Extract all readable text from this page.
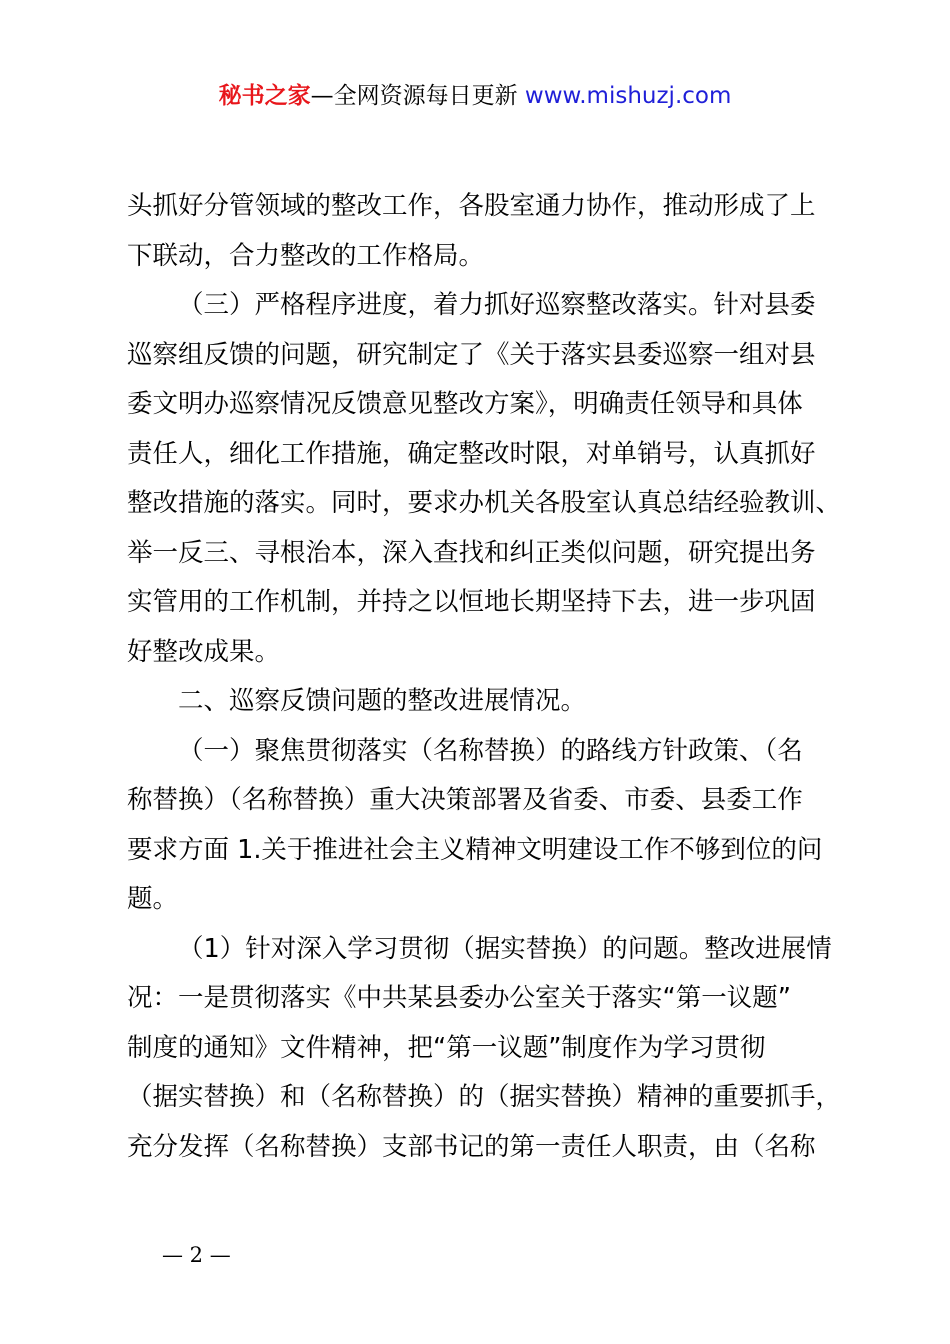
秘书之家—全网资源每日更新 www.mishuzj.com
头抓好分管领域的整改工作，各股室通力协作，推动形成了上
下联动，合力整改的工作格局。
（三）严格程序进度，着力抓好巡察整改落实。针对县委
巡察组反馈的问题，研究制定了《关于落实县委巡察一组对县
委文明办巡察情况反馈意见整改方案》，明确责任领导和具体
责任人，细化工作措施，确定整改时限，对单销号，认真抓好
整改措施的落实。同时，要求办机关各股室认真总结经验教训、
举一反三、寻根治本，深入查找和纠正类似问题，研究提出务
实管用的工作机制，并持之以恒地长期坚持下去，进一步巩固
好整改成果。
二、巡察反馈问题的整改进展情况。
（一）聚焦贯彻落实（名称替换）的路线方针政策、（名
称替换）（名称替换）重大决策部署及省委、市委、县委工作
要求方面 1.关于推进社会主义精神文明建设工作不够到位的问
题。
（1）针对深入学习贯彻（据实替换）的问题。整改进展情
况：一是贯彻落实《中共某县委办公室关于落实“第一议题”
制度的通知》文件精神，把“第一议题”制度作为学习贯彻
（据实替换）和（名称替换）的（据实替换）精神的重要抓手，
充分发挥（名称替换）支部书记的第一责任人职责，由（名称
— 2 —
